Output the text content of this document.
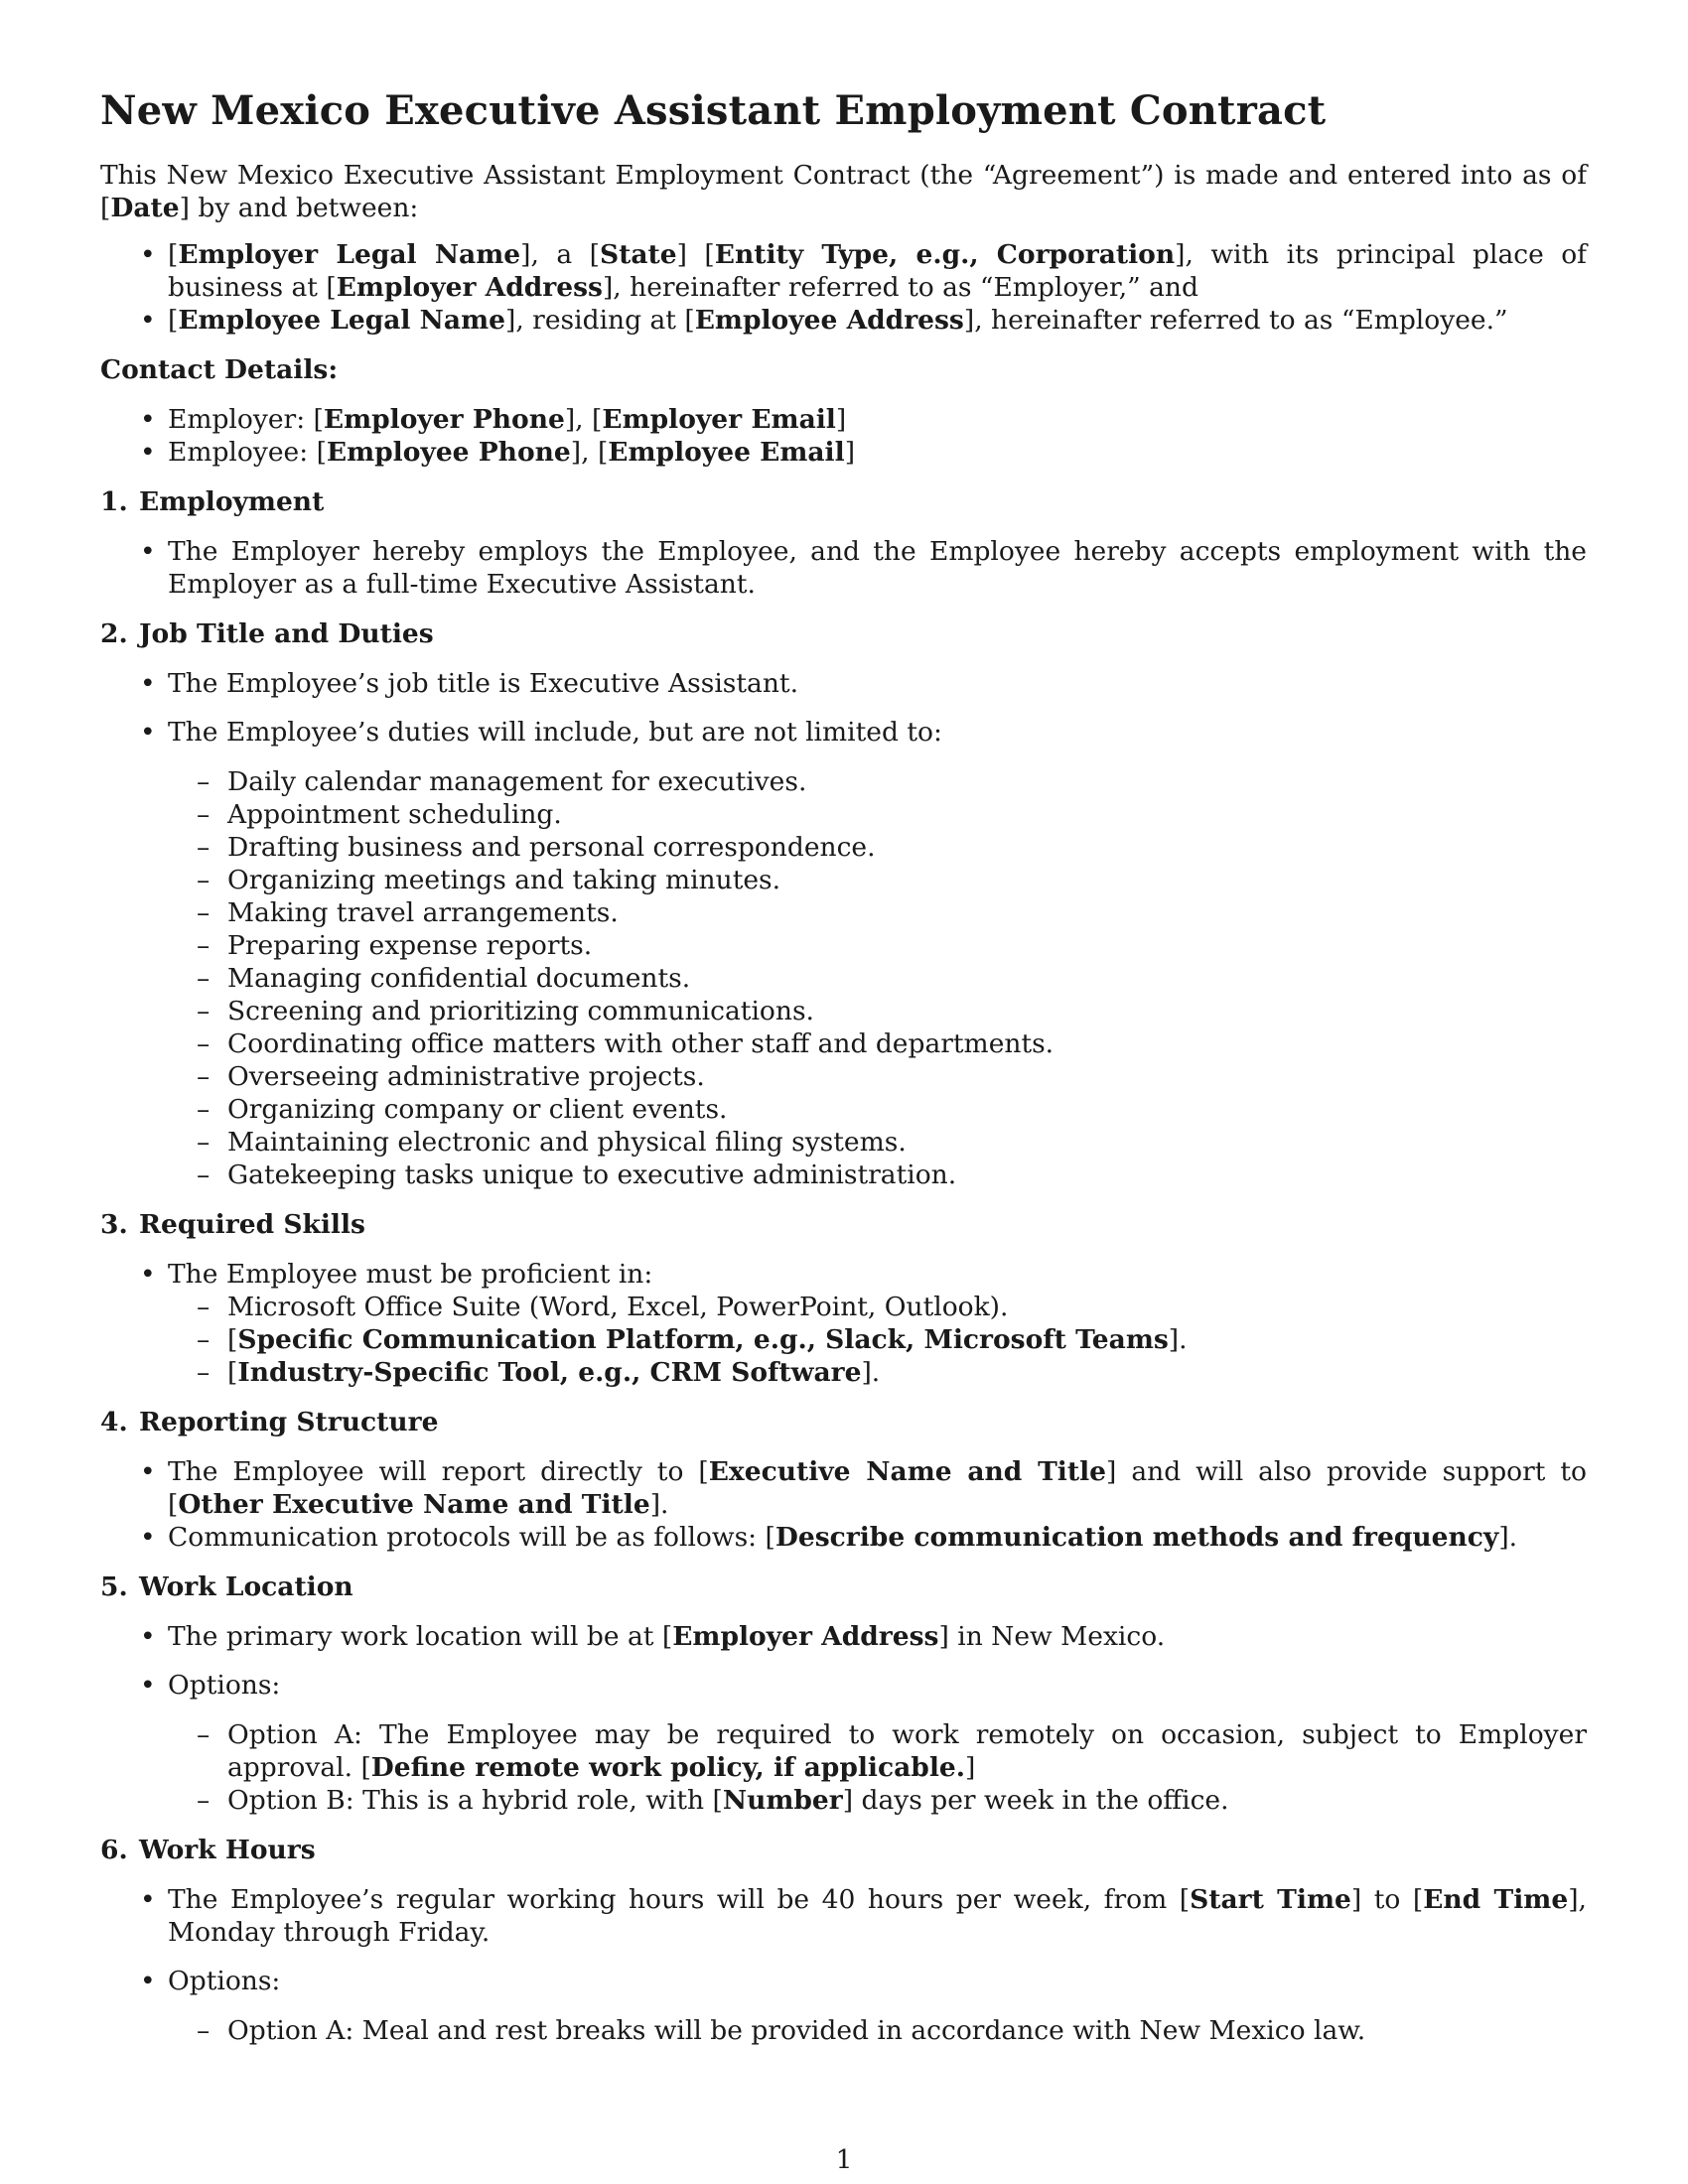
New Mexico Executive Assistant Employment Contract

This New Mexico Executive Assistant Employment Contract (the “Agreement”) is made and entered into as of [Date] by and between:

• [Employer Legal Name], a [State] [Entity Type, e.g., Corporation], with its principal place of business at [Employer Address], hereinafter referred to as “Employer,” and
• [Employee Legal Name], residing at [Employee Address], hereinafter referred to as “Employee.”

Contact Details:

• Employer: [Employer Phone], [Employer Email]
• Employee: [Employee Phone], [Employee Email]

1. Employment

• The Employer hereby employs the Employee, and the Employee hereby accepts employment with the Employer as a full-time Executive Assistant.

2. Job Title and Duties

• The Employee’s job title is Executive Assistant.
• The Employee’s duties will include, but are not limited to:
– Daily calendar management for executives.
– Appointment scheduling.
– Drafting business and personal correspondence.
– Organizing meetings and taking minutes.
– Making travel arrangements.
– Preparing expense reports.
– Managing confidential documents.
– Screening and prioritizing communications.
– Coordinating office matters with other staff and departments.
– Overseeing administrative projects.
– Organizing company or client events.
– Maintaining electronic and physical filing systems.
– Gatekeeping tasks unique to executive administration.

3. Required Skills

• The Employee must be proficient in:
– Microsoft Office Suite (Word, Excel, PowerPoint, Outlook).
– [Specific Communication Platform, e.g., Slack, Microsoft Teams].
– [Industry-Specific Tool, e.g., CRM Software].

4. Reporting Structure

• The Employee will report directly to [Executive Name and Title] and will also provide support to [Other Executive Name and Title].
• Communication protocols will be as follows: [Describe communication methods and frequency].

5. Work Location

• The primary work location will be at [Employer Address] in New Mexico.
• Options:
– Option A: The Employee may be required to work remotely on occasion, subject to Employer approval. [Define remote work policy, if applicable.]
– Option B: This is a hybrid role, with [Number] days per week in the office.

6. Work Hours

• The Employee’s regular working hours will be 40 hours per week, from [Start Time] to [End Time], Monday through Friday.
• Options:
– Option A: Meal and rest breaks will be provided in accordance with New Mexico law.
1
